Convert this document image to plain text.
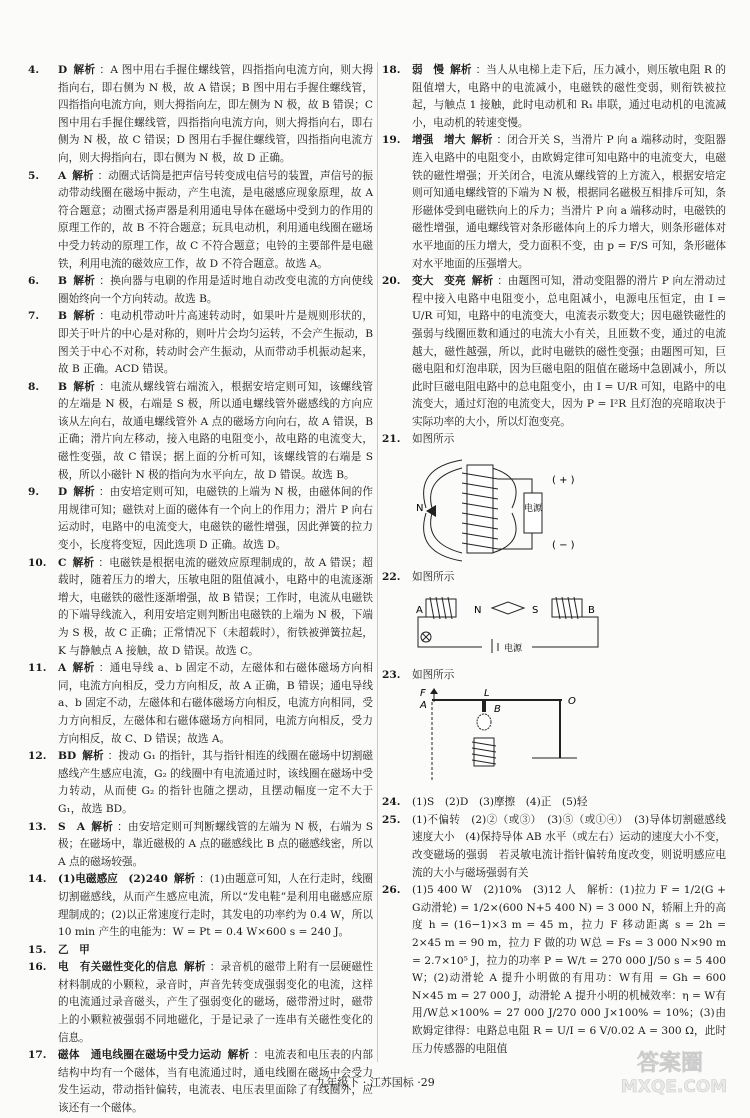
4.	D 解析 ：A 图中用右手握住螺线管，四指指向电流方向，则大拇指向右，即右侧为 N 极，故 A 错误；B 图中用右手握住螺线管，四指指向电流方向，则大拇指向左，即左侧为 N 极，故 B 错误；C 图中用右手握住螺线管，四指指向电流方向，则大拇指向右，即右侧为 N 极，故 C 错误；D 图用右手握住螺线管，四指指向电流方向，则大拇指向右，即右侧为 N 极，故 D 正确。
5.	A 解析 ：动圈式话筒是把声信号转变成电信号的装置，声信号的振动带动线圈在磁场中振动，产生电流，是电磁感应现象原理，故 A 符合题意；动圈式扬声器是利用通电导体在磁场中受到力的作用的原理工作的，故 B 不符合题意；玩具电动机，利用通电线圈在磁场中受力转动的原理工作，故 C 不符合题意；电铃的主要部件是电磁铁，利用电流的磁效应工作，故 D 不符合题意。故选 A。
6.	B 解析 ：换向器与电刷的作用是适时地自动改变电流的方向使线圈始终向一个方向转动。故选 B。
7.	B 解析 ：电动机带动叶片高速转动时，如果叶片是规则形状的，即关于叶片的中心是对称的，则叶片会均匀运转，不会产生振动，B 图关于中心不对称，转动时会产生振动，从而带动手机振动起来，故 B 正确。ACD 错误。
8.	B 解析 ：电流从螺线管右端流入，根据安培定则可知，该螺线管的左端是 N 极，右端是 S 极，所以通电螺线管外磁感线的方向应该从左向右，故通电螺线管外 A 点的磁场方向向右，故 A 错误，B 正确；滑片向左移动，接入电路的电阻变小，故电路的电流变大，磁性变强，故 C 错误；据上面的分析可知，该螺线管的右端是 S 极，所以小磁针 N 极的指向为水平向左，故 D 错误。故选 B。
9.	D 解析 ：由安培定则可知，电磁铁的上端为 N 极，由磁体间的作用规律可知；磁铁对上面的磁体有一个向上的作用力；滑片 P 向右运动时，电路中的电流变大，电磁铁的磁性增强，因此弹簧的拉力变小，长度将变短，因此选项 D 正确。故选 D。
10.	C 解析 ：电磁铁是根据电流的磁效应原理制成的，故 A 错误；超载时，随着压力的增大，压敏电阻的阻值减小，电路中的电流逐渐增大，电磁铁的磁性逐渐增强，故 B 错误；工作时，电流从电磁铁的下端导线流入，利用安培定则判断出电磁铁的上端为 N 极，下端为 S 极，故 C 正确；正常情况下（未超载时），衔铁被弹簧拉起，K 与静触点 A 接触，故 D 错误。故选 C。
11.	A 解析 ：通电导线 a、b 固定不动，左磁体和右磁体磁场方向相同，电流方向相反，受力方向相反，故 A 正确，B 错误；通电导线 a、b 固定不动，左磁体和右磁体磁场方向相反，电流方向相同，受力方向相反，左磁体和右磁体磁场方向相同，电流方向相反，受力方向相反，故 C、D 错误；故选 A。
12.	BD 解析 ：拨动 G₁ 的指针，其与指针相连的线圈在磁场中切割磁感线产生感应电流，G₂ 的线圈中有电流通过时，该线圈在磁场中受力转动，从而使 G₂ 的指针也随之摆动，且摆动幅度一定不大于 G₁，故选 BD。
13.	S　A 解析 ：由安培定则可判断螺线管的左端为 N 极，右端为 S 极；在磁场中，靠近磁极的 A 点的磁感线比 B 点的磁感线密，所以 A 点的磁场较强。
14.	(1)电磁感应　(2)240 解析 ：(1)由题意可知，人在行走时，线圈切割磁感线，从而产生感应电流，所以“发电鞋”是利用电磁感应原理制成的；(2)以正常速度行走时，其发电的功率约为 0.4 W，所以 10 min 产生的电能为：W = Pt = 0.4 W×600 s = 240 J。
15.	乙　甲
16.	电　有关磁性变化的信息 解析 ：录音机的磁带上附有一层硬磁性材料制成的小颗粒，录音时，声音先转变成强弱变化的电流，这样的电流通过录音磁头，产生了强弱变化的磁场，磁带滑过时，磁带上的小颗粒被强弱不同地磁化，于是记录了一连串有关磁性变化的信息。
17.	磁体　通电线圈在磁场中受力运动 解析 ：电流表和电压表的内部结构中均有一个磁体，当有电流通过时，通电线圈在磁场中会受力发生运动，带动指针偏转，电流表、电压表里面除了有线圈外，应该还有一个磁体。
18.	弱　慢 解析 ：当人从电梯上走下后，压力减小，则压敏电阻 R 的阻值增大，电路中的电流减小，电磁铁的磁性变弱，则衔铁被拉起，与触点 1 接触，此时电动机和 R₁ 串联，通过电动机的电流减小，电动机的转速变慢。
19.	增强　增大 解析 ：闭合开关 S，当滑片 P 向 a 端移动时，变阻器连入电路中的电阻变小，由欧姆定律可知电路中的电流变大，电磁铁的磁性增强；开关闭合，电流从螺线管的上方流入，根据安培定则可知通电螺线管的下端为 N 极，根据同名磁极互相排斥可知，条形磁体受到电磁铁向上的斥力；当滑片 P 向 a 端移动时，电磁铁的磁性增强，通电螺线管对条形磁体向上的斥力增大，则条形磁体对水平地面的压力增大，受力面积不变，由 p = F/S 可知，条形磁体对水平地面的压强增大。
20.	变大　变亮 解析 ：由题图可知，滑动变阻器的滑片 P 向左滑动过程中接入电路中电阻变小，总电阻减小，电源电压恒定，由 I = U/R 可知，电路中的电流变大，电流表示数变大；因电磁铁磁性的强弱与线圈匝数和通过的电流大小有关，且匝数不变，通过的电流越大，磁性越强，所以，此时电磁铁的磁性变强；由题图可知，巨磁电阻和灯泡串联，因为巨磁电阻的阻值在磁场中急剧减小，所以此时巨磁电阻电路中的总电阻变小，由 I = U/R 可知，电路中的电流变大，通过灯泡的电流变大，因为 P = I²R 且灯泡的亮暗取决于实际功率的大小，所以灯泡变亮。
21.	如图所示
电源
( + )
( − )
N
22.	如图所示
A	N	S	B
电源
23.	如图所示
F
A
L
B
O
24.	(1)S　(2)D　(3)摩擦　(4)正　(5)轻
25.	(1)不偏转　(2)②（或③）　(3)⑤（或①④）　(3)导体切割磁感线速度大小　(4)保持导体 AB 水平（或左右）运动的速度大小不变，改变磁场的强弱　若灵敏电流计指针偏转角度改变，则说明感应电流的大小与磁场强弱有关
26.	(1)5 400 W　(2)10%　(3)12 人　解析：(1)拉力 F = 1/2(G + G动滑轮) = 1/2×(600 N+5 400 N) = 3 000 N，轿厢上升的高度 h = (16−1)×3 m = 45 m，拉力 F 移动距离 s = 2h = 2×45 m = 90 m，拉力 F 做的功 W总 = Fs = 3 000 N×90 m = 2.7×10⁵ J，拉力的功率 P = W/t = 270 000 J/50 s = 5 400 W；(2)动滑轮 A 提升小明做的有用功：W有用 = Gh = 600 N×45 m = 27 000 J，动滑轮 A 提升小明的机械效率：η = W有用/W总×100% = 27 000 J/270 000 J×100% = 10%；(3)由欧姆定律得：电路总电阻 R = U/I = 6 V/0.02 A = 300 Ω，此时压力传感器的电阻值
九年级下 · 江苏国标 ·29
答案圈
MXQE.COM
